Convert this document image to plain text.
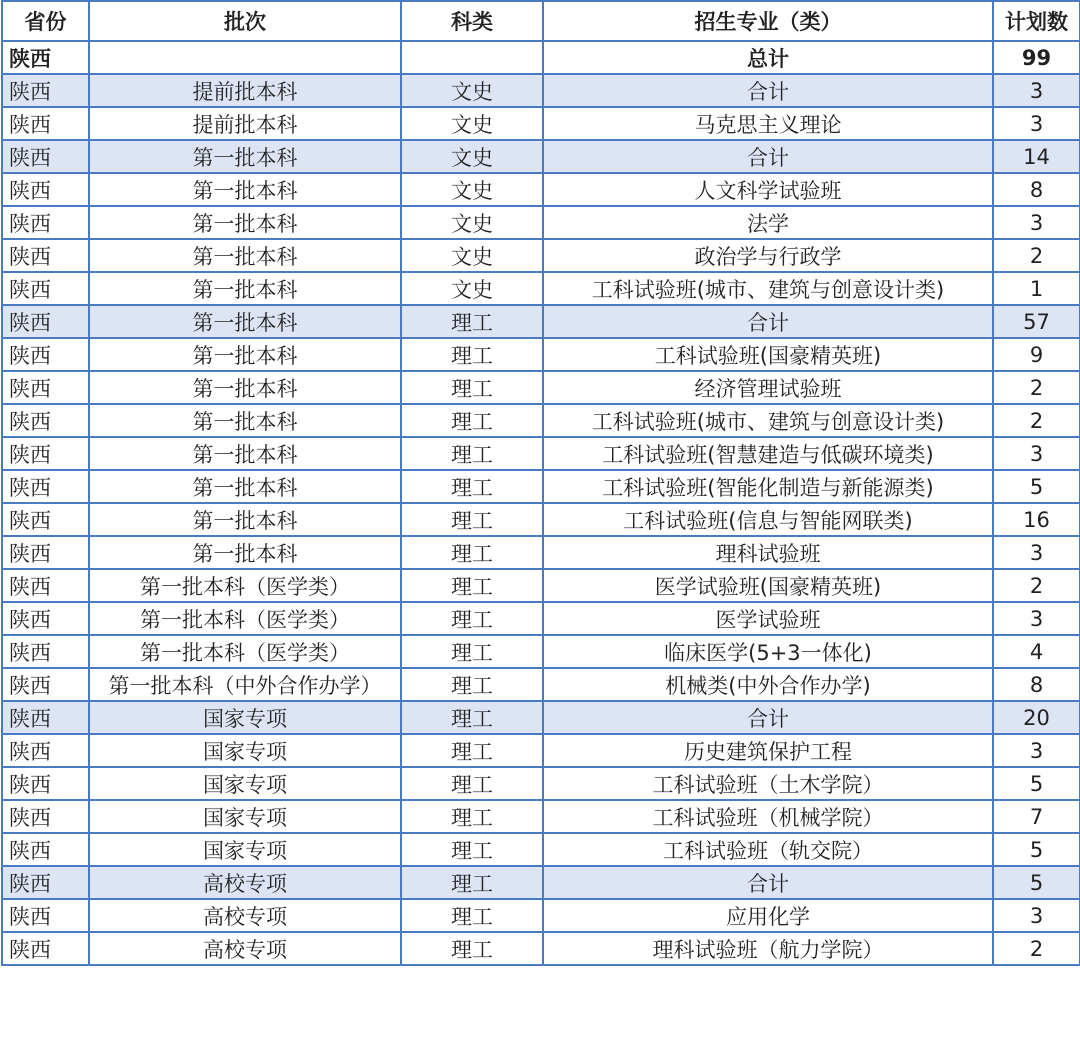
省份	批次	科类	招生专业（类）	计划数
陕西			总计	99
陕西	提前批本科	文史	合计	3
陕西	提前批本科	文史	马克思主义理论	3
陕西	第一批本科	文史	合计	14
陕西	第一批本科	文史	人文科学试验班	8
陕西	第一批本科	文史	法学	3
陕西	第一批本科	文史	政治学与行政学	2
陕西	第一批本科	文史	工科试验班(城市、建筑与创意设计类)	1
陕西	第一批本科	理工	合计	57
陕西	第一批本科	理工	工科试验班(国豪精英班)	9
陕西	第一批本科	理工	经济管理试验班	2
陕西	第一批本科	理工	工科试验班(城市、建筑与创意设计类)	2
陕西	第一批本科	理工	工科试验班(智慧建造与低碳环境类)	3
陕西	第一批本科	理工	工科试验班(智能化制造与新能源类)	5
陕西	第一批本科	理工	工科试验班(信息与智能网联类)	16
陕西	第一批本科	理工	理科试验班	3
陕西	第一批本科（医学类）	理工	医学试验班(国豪精英班)	2
陕西	第一批本科（医学类）	理工	医学试验班	3
陕西	第一批本科（医学类）	理工	临床医学(5+3一体化)	4
陕西	第一批本科（中外合作办学）	理工	机械类(中外合作办学)	8
陕西	国家专项	理工	合计	20
陕西	国家专项	理工	历史建筑保护工程	3
陕西	国家专项	理工	工科试验班（土木学院）	5
陕西	国家专项	理工	工科试验班（机械学院）	7
陕西	国家专项	理工	工科试验班（轨交院）	5
陕西	高校专项	理工	合计	5
陕西	高校专项	理工	应用化学	3
陕西	高校专项	理工	理科试验班（航力学院）	2
